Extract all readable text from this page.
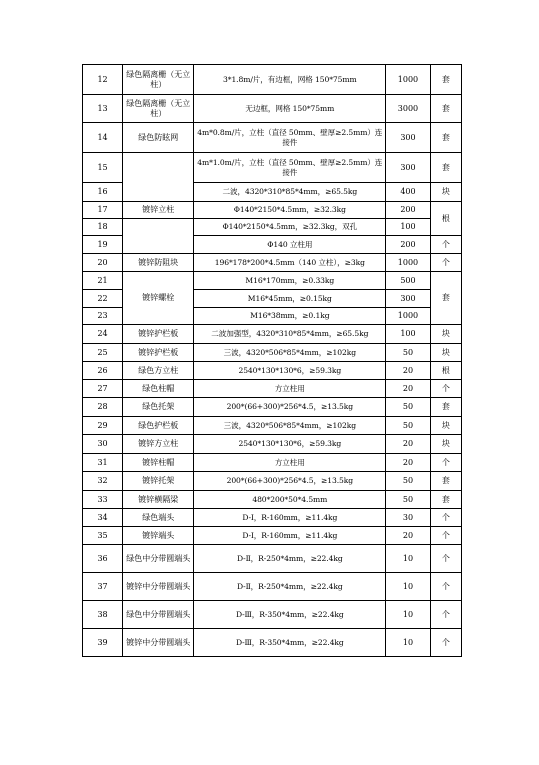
12	绿色隔离栅（无立柱）	3*1.8m/片，有边框，网格 150*75mm	1000	套
13	绿色隔离栅（无立柱）	无边框，网格 150*75mm	3000	套
14	绿色防眩网	4m*0.8m/片，立柱（直径 50mm、壁厚≥2.5mm）连接件	300	套
15		4m*1.0m/片，立柱（直径 50mm、壁厚≥2.5mm）连接件	300	套
16		二波，4320*310*85*4mm，≥65.5kg	400	块
17	镀锌立柱	Φ140*2150*4.5mm，≥32.3kg	200	根
18		Φ140*2150*4.5mm，≥32.3kg，双孔	100	
19		Φ140 立柱用	200	个
20	镀锌防阻块	196*178*200*4.5mm（140 立柱），≥3kg	1000	个
21	镀锌螺栓	M16*170mm，≥0.33kg	500	套
22		M16*45mm，≥0.15kg	300	
23		M16*38mm，≥0.1kg	1000	
24	镀锌护栏板	二波加强型，4320*310*85*4mm，≥65.5kg	100	块
25	镀锌护栏板	三波，4320*506*85*4mm，≥102kg	50	块
26	绿色方立柱	2540*130*130*6，≥59.3kg	20	根
27	绿色柱帽	方立柱用	20	个
28	绿色托架	200*(66+300)*256*4.5，≥13.5kg	50	套
29	绿色护栏板	三波，4320*506*85*4mm，≥102kg	50	块
30	镀锌方立柱	2540*130*130*6，≥59.3kg	20	块
31	镀锌柱帽	方立柱用	20	个
32	镀锌托架	200*(66+300)*256*4.5，≥13.5kg	50	套
33	镀锌横隔梁	480*200*50*4.5mm	50	套
34	绿色端头	D-Ⅰ，R-160mm，≥11.4kg	30	个
35	镀锌端头	D-Ⅰ，R-160mm，≥11.4kg	20	个
36	绿色中分带圆端头	D-Ⅱ，R-250*4mm，≥22.4kg	10	个
37	镀锌中分带圆端头	D-Ⅱ，R-250*4mm，≥22.4kg	10	个
38	绿色中分带圆端头	D-Ⅲ，R-350*4mm，≥22.4kg	10	个
39	镀锌中分带圆端头	D-Ⅲ，R-350*4mm，≥22.4kg	10	个
